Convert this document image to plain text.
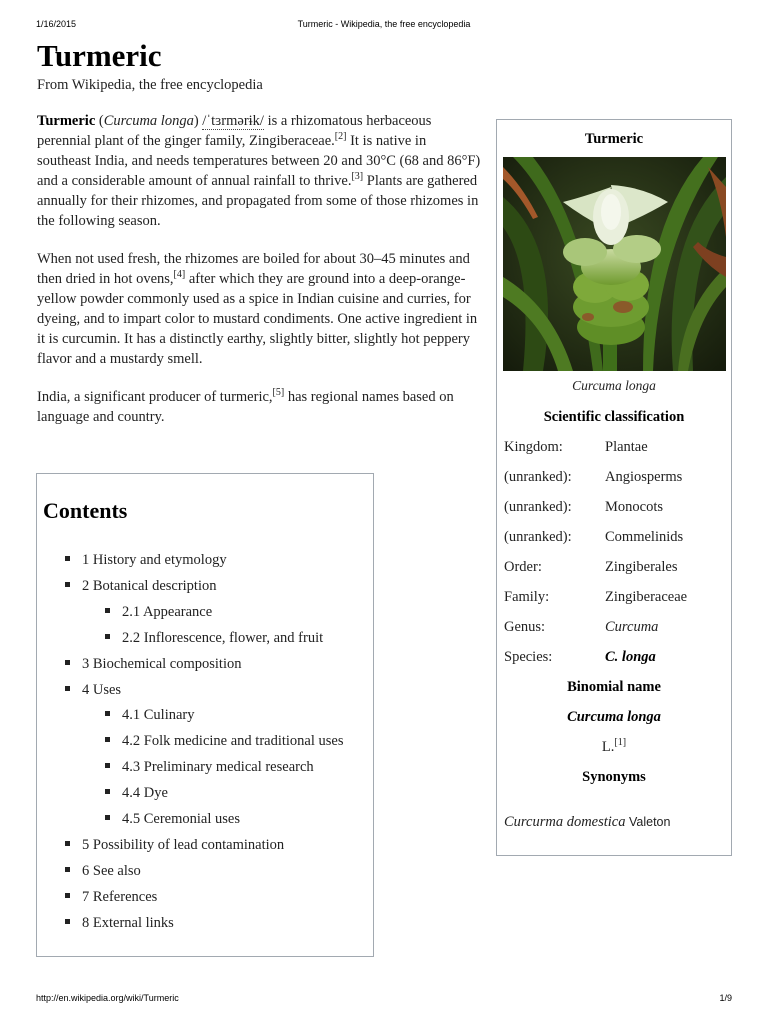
1/16/2015	Turmeric - Wikipedia, the free encyclopedia
Turmeric
From Wikipedia, the free encyclopedia

Turmeric (Curcuma longa) /ˈtɜrmərɨk/ is a rhizomatous herbaceous perennial plant of the ginger family, Zingiberaceae.[2] It is native in southeast India, and needs temperatures between 20 and 30°C (68 and 86°F) and a considerable amount of annual rainfall to thrive.[3] Plants are gathered annually for their rhizomes, and propagated from some of those rhizomes in the following season.

When not used fresh, the rhizomes are boiled for about 30–45 minutes and then dried in hot ovens,[4] after which they are ground into a deep-orange-yellow powder commonly used as a spice in Indian cuisine and curries, for dyeing, and to impart color to mustard condiments. One active ingredient in it is curcumin. It has a distinctly earthy, slightly bitter, slightly hot peppery flavor and a mustardy smell.

India, a significant producer of turmeric,[5] has regional names based on language and country.

Contents
1 History and etymology
2 Botanical description
2.1 Appearance
2.2 Inflorescence, flower, and fruit
3 Biochemical composition
4 Uses
4.1 Culinary
4.2 Folk medicine and traditional uses
4.3 Preliminary medical research
4.4 Dye
4.5 Ceremonial uses
5 Possibility of lead contamination
6 See also
7 References
8 External links
Turmeric
Curcuma longa
Scientific classification
Kingdom:	Plantae
(unranked): Angiosperms
(unranked): Monocots
(unranked): Commelinids
Order:	Zingiberales
Family:	Zingiberaceae
Genus:	Curcuma
Species:	C. longa
Binomial name
Curcuma longa
L.[1]
Synonyms
Curcurma domestica Valeton
http://en.wikipedia.org/wiki/Turmeric	1/9
